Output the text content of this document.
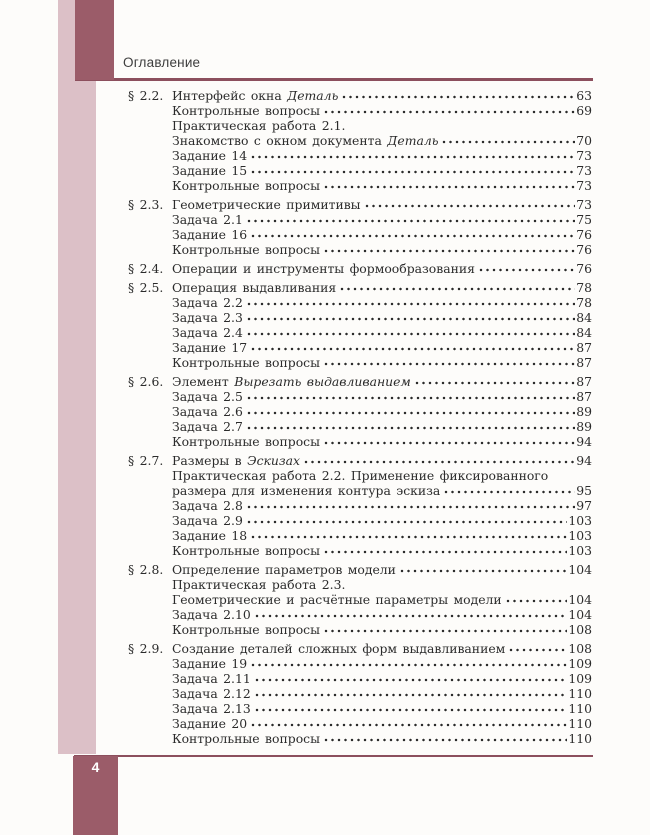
Оглавление
§ 2.2. Интерфейс окна Деталь	63
Контрольные вопросы	69
Практическая работа 2.1.
Знакомство с окном документа Деталь	70
Задание 14	73
Задание 15	73
Контрольные вопросы	73
§ 2.3. Геометрические примитивы	73
Задача 2.1	75
Задание 16	76
Контрольные вопросы	76
§ 2.4. Операции и инструменты формообразования	76
§ 2.5. Операция выдавливания	78
Задача 2.2	78
Задача 2.3	84
Задача 2.4	84
Задание 17	87
Контрольные вопросы	87
§ 2.6. Элемент Вырезать выдавливанием	87
Задача 2.5	87
Задача 2.6	89
Задача 2.7	89
Контрольные вопросы	94
§ 2.7. Размеры в Эскизах	94
Практическая работа 2.2. Применение фиксированного
размера для изменения контура эскиза	95
Задача 2.8	97
Задача 2.9	103
Задание 18	103
Контрольные вопросы	103
§ 2.8. Определение параметров модели	104
Практическая работа 2.3.
Геометрические и расчётные параметры модели	104
Задача 2.10	104
Контрольные вопросы	108
§ 2.9. Создание деталей сложных форм выдавливанием	108
Задание 19	109
Задача 2.11	109
Задача 2.12	110
Задача 2.13	110
Задание 20	110
Контрольные вопросы	110
4
